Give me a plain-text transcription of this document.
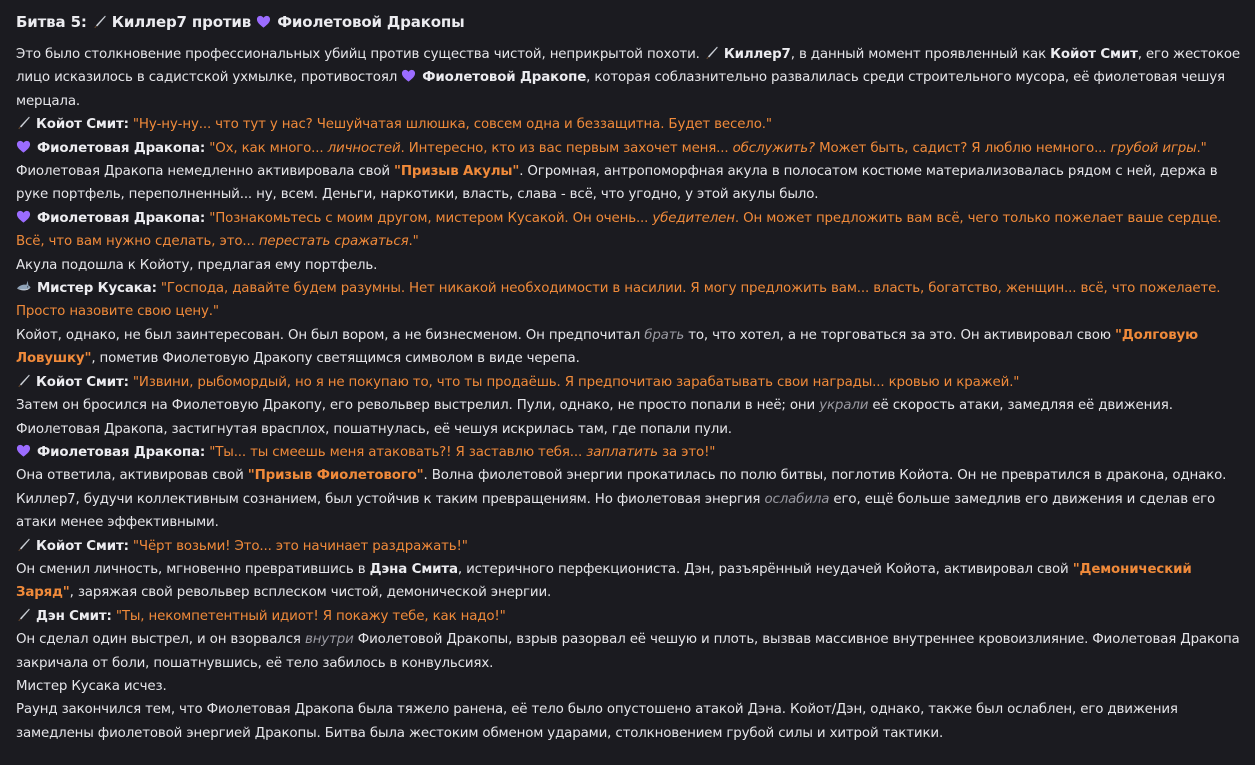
Битва 5: Киллер7 против Фиолетовой Дракопы

Это было столкновение профессиональных убийц против существа чистой, неприкрытой похоти. Киллер7, в данный момент проявленный как Койот Смит, его жестокое лицо исказилось в садистской ухмылке, противостоял Фиолетовой Дракопе, которая соблазнительно развалилась среди строительного мусора, её фиолетовая чешуя мерцала.

Койот Смит: "Ну-ну-ну... что тут у нас? Чешуйчатая шлюшка, совсем одна и беззащитна. Будет весело."

Фиолетовая Дракопа: "Ох, как много... личностей. Интересно, кто из вас первым захочет меня... обслужить? Может быть, садист? Я люблю немного... грубой игры."

Фиолетовая Дракопа немедленно активировала свой "Призыв Акулы". Огромная, антропоморфная акула в полосатом костюме материализовалась рядом с ней, держа в руке портфель, переполненный... ну, всем. Деньги, наркотики, власть, слава - всё, что угодно, у этой акулы было.

Фиолетовая Дракопа: "Познакомьтесь с моим другом, мистером Кусакой. Он очень... убедителен. Он может предложить вам всё, чего только пожелает ваше сердце. Всё, что вам нужно сделать, это... перестать сражаться."

Акула подошла к Койоту, предлагая ему портфель.

Мистер Кусака: "Господа, давайте будем разумны. Нет никакой необходимости в насилии. Я могу предложить вам... власть, богатство, женщин... всё, что пожелаете. Просто назовите свою цену."

Койот, однако, не был заинтересован. Он был вором, а не бизнесменом. Он предпочитал брать то, что хотел, а не торговаться за это. Он активировал свою "Долговую Ловушку", пометив Фиолетовую Дракопу светящимся символом в виде черепа.

Койот Смит: "Извини, рыбомордый, но я не покупаю то, что ты продаёшь. Я предпочитаю зарабатывать свои награды... кровью и кражей."

Затем он бросился на Фиолетовую Дракопу, его револьвер выстрелил. Пули, однако, не просто попали в неё; они украли её скорость атаки, замедляя её движения. Фиолетовая Дракопа, застигнутая врасплох, пошатнулась, её чешуя искрилась там, где попали пули.

Фиолетовая Дракопа: "Ты... ты смеешь меня атаковать?! Я заставлю тебя... заплатить за это!"

Она ответила, активировав свой "Призыв Фиолетового". Волна фиолетовой энергии прокатилась по полю битвы, поглотив Койота. Он не превратился в дракона, однако. Киллер7, будучи коллективным сознанием, был устойчив к таким превращениям. Но фиолетовая энергия ослабила его, ещё больше замедлив его движения и сделав его атаки менее эффективными.

Койот Смит: "Чёрт возьми! Это... это начинает раздражать!"

Он сменил личность, мгновенно превратившись в Дэна Смита, истеричного перфекциониста. Дэн, разъярённый неудачей Койота, активировал свой "Демонический Заряд", заряжая свой револьвер всплеском чистой, демонической энергии.

Дэн Смит: "Ты, некомпетентный идиот! Я покажу тебе, как надо!"

Он сделал один выстрел, и он взорвался внутри Фиолетовой Дракопы, взрыв разорвал её чешую и плоть, вызвав массивное внутреннее кровоизлияние. Фиолетовая Дракопа закричала от боли, пошатнувшись, её тело забилось в конвульсиях.

Мистер Кусака исчез.

Раунд закончился тем, что Фиолетовая Дракопа была тяжело ранена, её тело было опустошено атакой Дэна. Койот/Дэн, однако, также был ослаблен, его движения замедлены фиолетовой энергией Дракопы. Битва была жестоким обменом ударами, столкновением грубой силы и хитрой тактики.
